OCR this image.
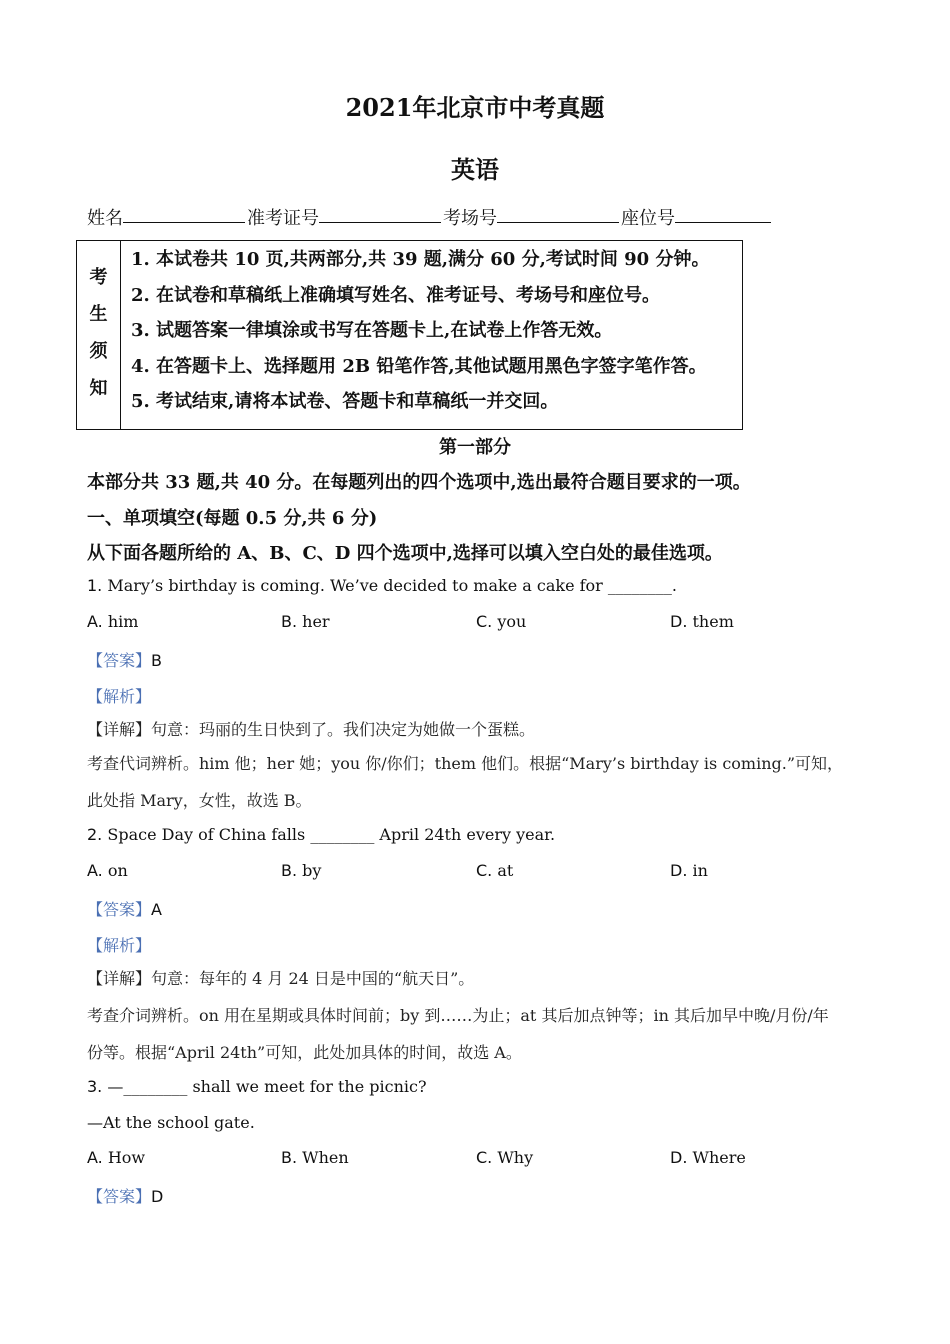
2021年北京市中考真题
英语
姓名	准考证号	考场号	座位号
考
生
须
知
1. 本试卷共 10 页,共两部分,共 39 题,满分 60 分,考试时间 90 分钟。
2. 在试卷和草稿纸上准确填写姓名、准考证号、考场号和座位号。
3. 试题答案一律填涂或书写在答题卡上,在试卷上作答无效。
4. 在答题卡上、选择题用 2B 铅笔作答,其他试题用黑色字签字笔作答。
5. 考试结束,请将本试卷、答题卡和草稿纸一并交回。
第一部分
本部分共 33 题,共 40 分。在每题列出的四个选项中,选出最符合题目要求的一项。
一、单项填空(每题 0.5 分,共 6 分)
从下面各题所给的 A、B、C、D 四个选项中,选择可以填入空白处的最佳选项。
1. Mary’s birthday is coming. We’ve decided to make a cake for ________.
A. him	B. her	C. you	D. them
【答案】B
【解析】
【详解】句意：玛丽的生日快到了。我们决定为她做一个蛋糕。
考查代词辨析。him 他；her 她；you 你/你们；them 他们。根据“Mary’s birthday is coming.”可知，
此处指 Mary，女性，故选 B。
2. Space Day of China falls ________ April 24th every year.
A. on	B. by	C. at	D. in
【答案】A
【解析】
【详解】句意：每年的 4 月 24 日是中国的“航天日”。
考查介词辨析。on 用在星期或具体时间前；by 到……为止；at 其后加点钟等；in 其后加早中晚/月份/年
份等。根据“April 24th”可知，此处加具体的时间，故选 A。
3. —________ shall we meet for the picnic?
—At the school gate.
A. How	B. When	C. Why	D. Where
【答案】D
